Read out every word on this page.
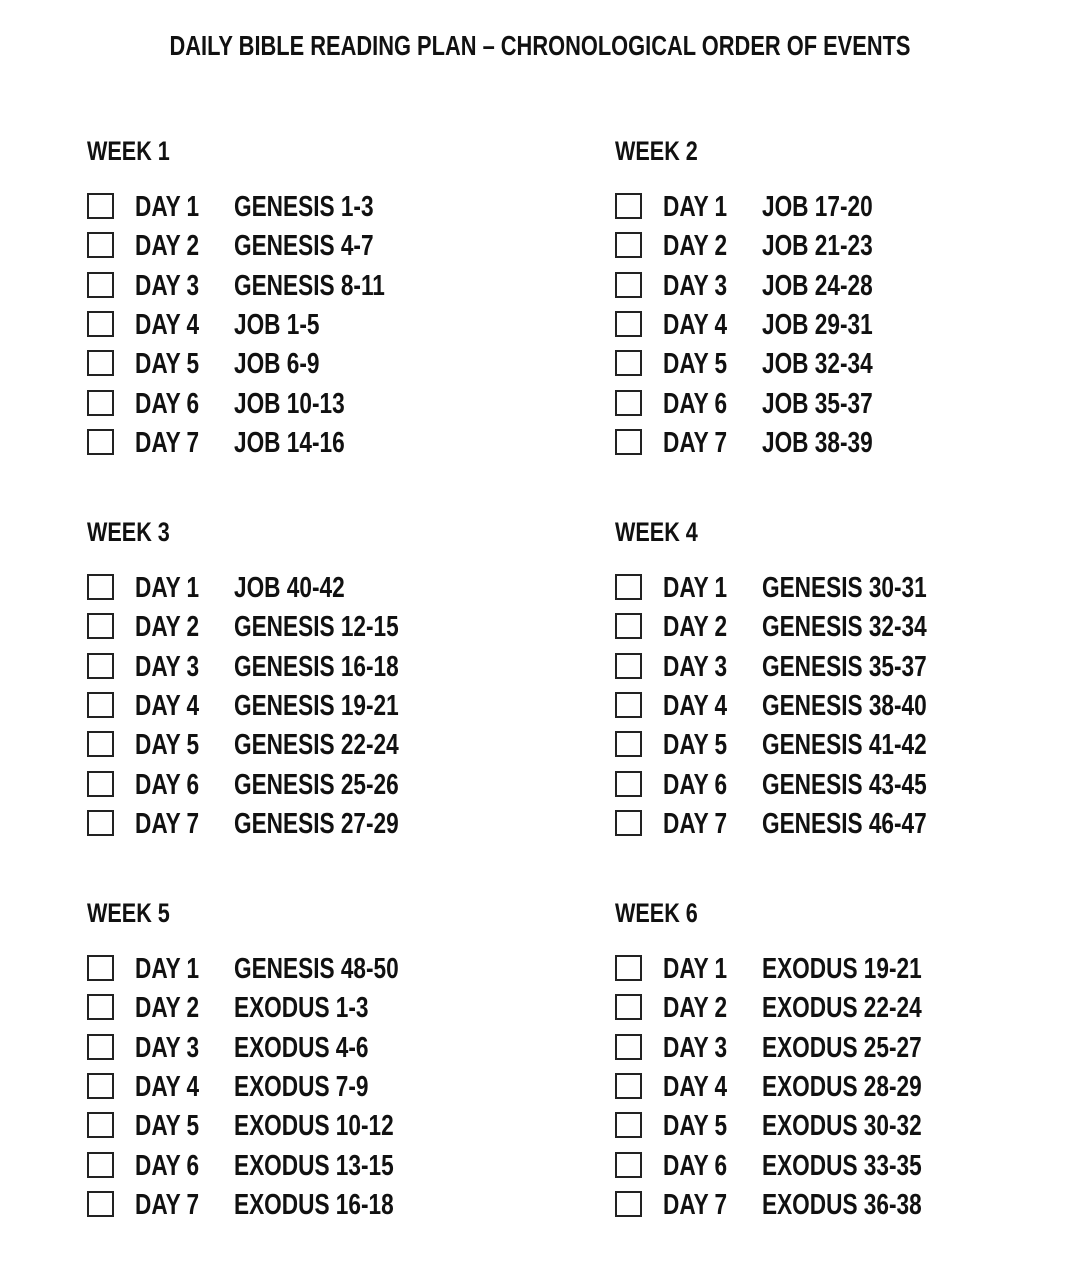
DAILY BIBLE READING PLAN – CHRONOLOGICAL ORDER OF EVENTS
WEEK 1
DAY 1 GENESIS 1-3
DAY 2 GENESIS 4-7
DAY 3 GENESIS 8-11
DAY 4 JOB 1-5
DAY 5 JOB 6-9
DAY 6 JOB 10-13
DAY 7 JOB 14-16
WEEK 2
DAY 1 JOB 17-20
DAY 2 JOB 21-23
DAY 3 JOB 24-28
DAY 4 JOB 29-31
DAY 5 JOB 32-34
DAY 6 JOB 35-37
DAY 7 JOB 38-39
WEEK 3
DAY 1 JOB 40-42
DAY 2 GENESIS 12-15
DAY 3 GENESIS 16-18
DAY 4 GENESIS 19-21
DAY 5 GENESIS 22-24
DAY 6 GENESIS 25-26
DAY 7 GENESIS 27-29
WEEK 4
DAY 1 GENESIS 30-31
DAY 2 GENESIS 32-34
DAY 3 GENESIS 35-37
DAY 4 GENESIS 38-40
DAY 5 GENESIS 41-42
DAY 6 GENESIS 43-45
DAY 7 GENESIS 46-47
WEEK 5
DAY 1 GENESIS 48-50
DAY 2 EXODUS 1-3
DAY 3 EXODUS 4-6
DAY 4 EXODUS 7-9
DAY 5 EXODUS 10-12
DAY 6 EXODUS 13-15
DAY 7 EXODUS 16-18
WEEK 6
DAY 1 EXODUS 19-21
DAY 2 EXODUS 22-24
DAY 3 EXODUS 25-27
DAY 4 EXODUS 28-29
DAY 5 EXODUS 30-32
DAY 6 EXODUS 33-35
DAY 7 EXODUS 36-38
